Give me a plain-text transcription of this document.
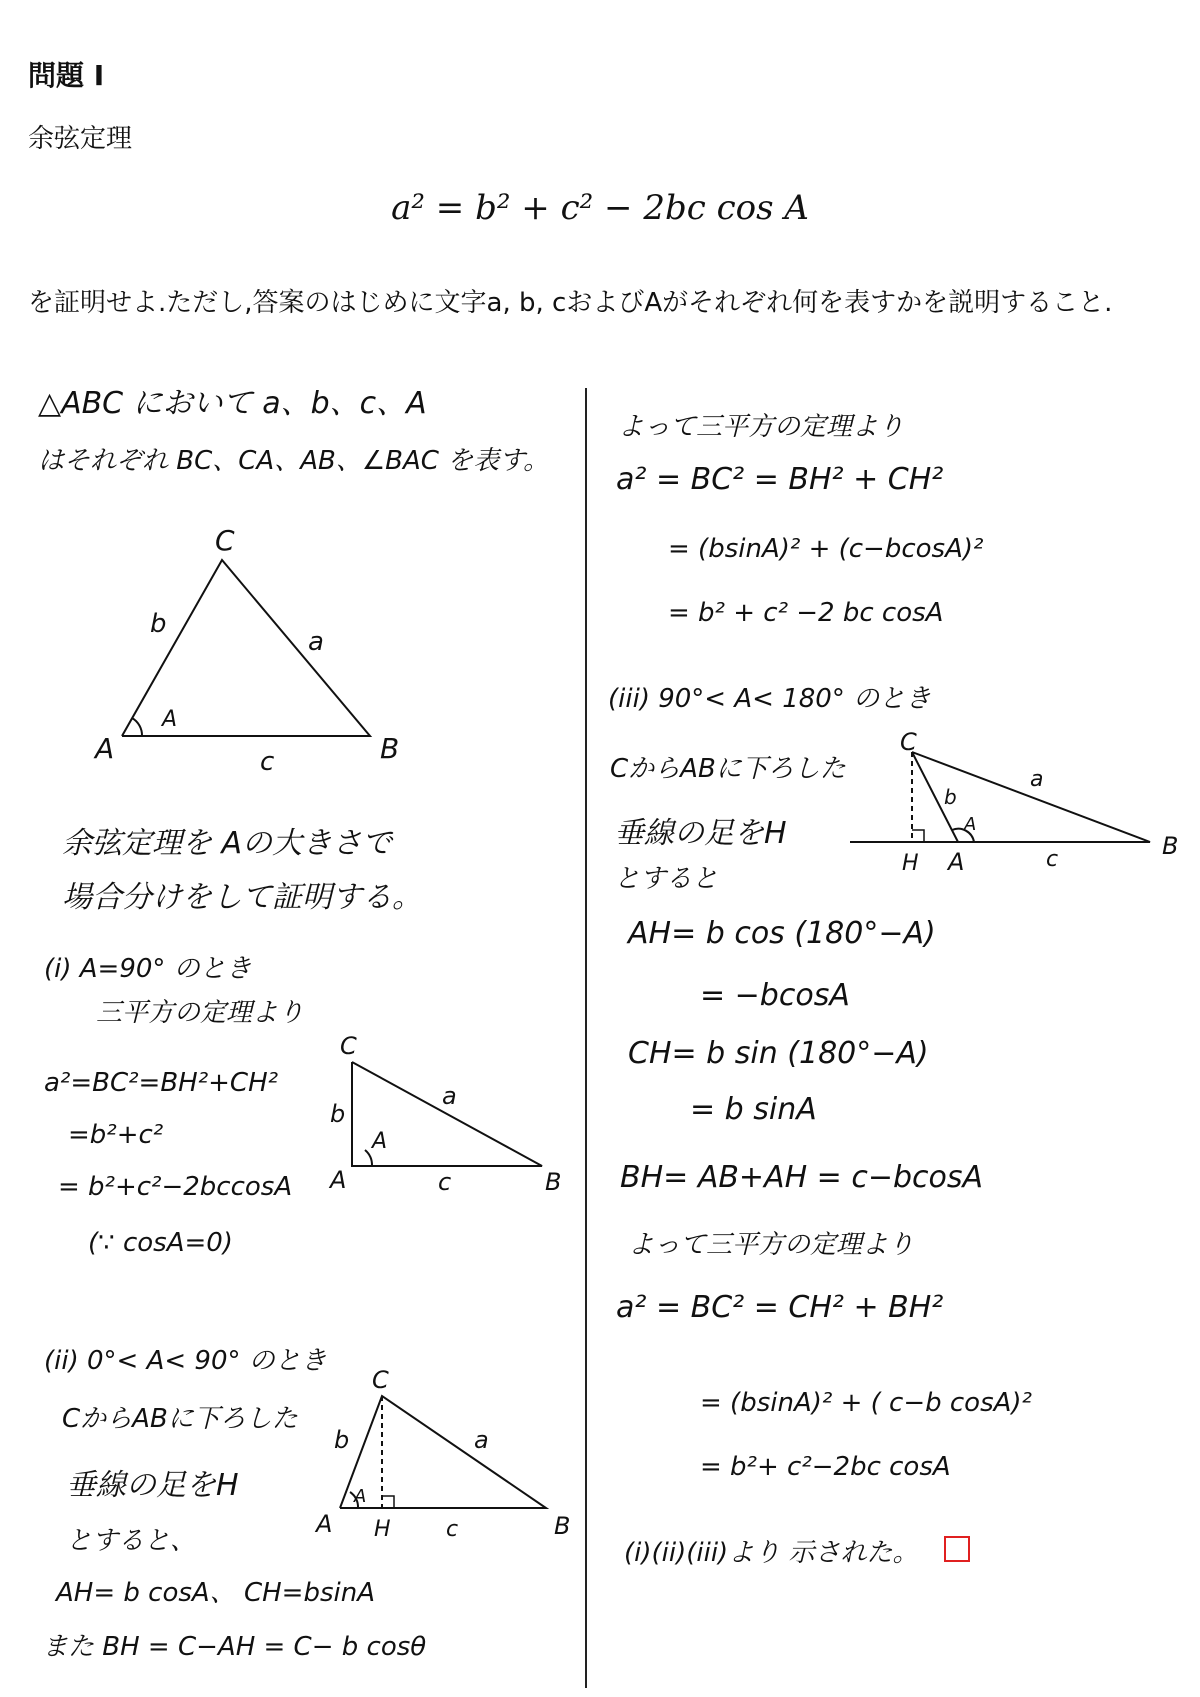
問題 I
余弦定理
a² = b² + c² − 2bc cos A
を証明せよ.ただし,答案のはじめに文字a, b, cおよびAがそれぞれ何を表すかを説明すること.
△ABC において a、b、c、A
はそれぞれ BC、CA、AB、∠BAC を表す。
C
A	B
a
b
c
A
余弦定理を Aの大きさで
場合分けをして証明する。
(i) A=90° のとき
三平方の定理より
a²=BC²=BH²+CH²
=b²+c²
= b²+c²−2bccosA
(∵ cosA=0)
C
A	B
a
b
c
A
(ii) 0°< A< 90° のとき
CからABに下ろした
垂線の足をH
とすると、
C
A	B
H
a
b
c
A
AH= b cosA、 CH=bsinA
また BH = C−AH = C− b cosθ
よって三平方の定理より
a² = BC² = BH² + CH²
= (bsinA)² + (c−bcosA)²
= b² + c² −2 bc cosA
(iii) 90°< A< 180° のとき
CからABに下ろした
垂線の足をH
とすると
C
A
B
H
a
b
c
A
AH= b cos (180°−A)
= −bcosA
CH= b sin (180°−A)
= b sinA
BH= AB+AH = c−bcosA
よって三平方の定理より
a² = BC² = CH² + BH²
= (bsinA)² + ( c−b cosA)²
= b²+ c²−2bc cosA
(i)(ii)(iii)より 示された。
